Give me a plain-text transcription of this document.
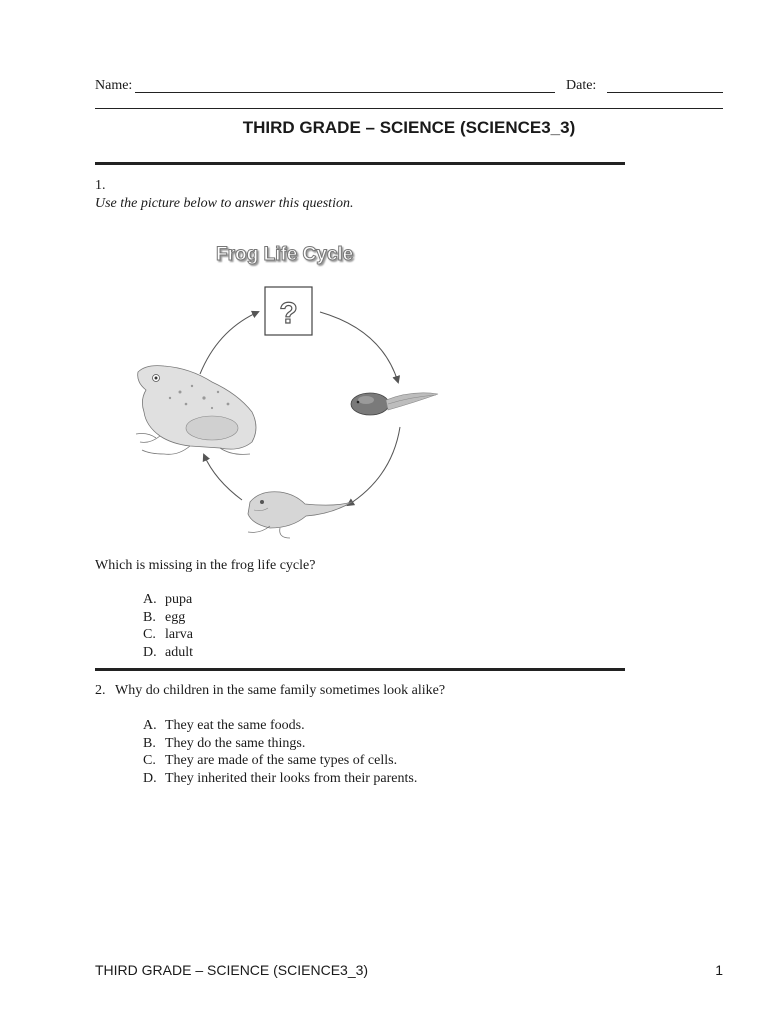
Name:	Date:
THIRD GRADE – SCIENCE (SCIENCE3_3)
1.
Use the picture below to answer this question.
Frog Life Cycle
?
Which is missing in the frog life cycle?
A. pupa
B. egg
C. larva
D. adult
2. Why do children in the same family sometimes look alike?
A. They eat the same foods.
B. They do the same things.
C. They are made of the same types of cells.
D. They inherited their looks from their parents.
THIRD GRADE – SCIENCE (SCIENCE3_3)	1
